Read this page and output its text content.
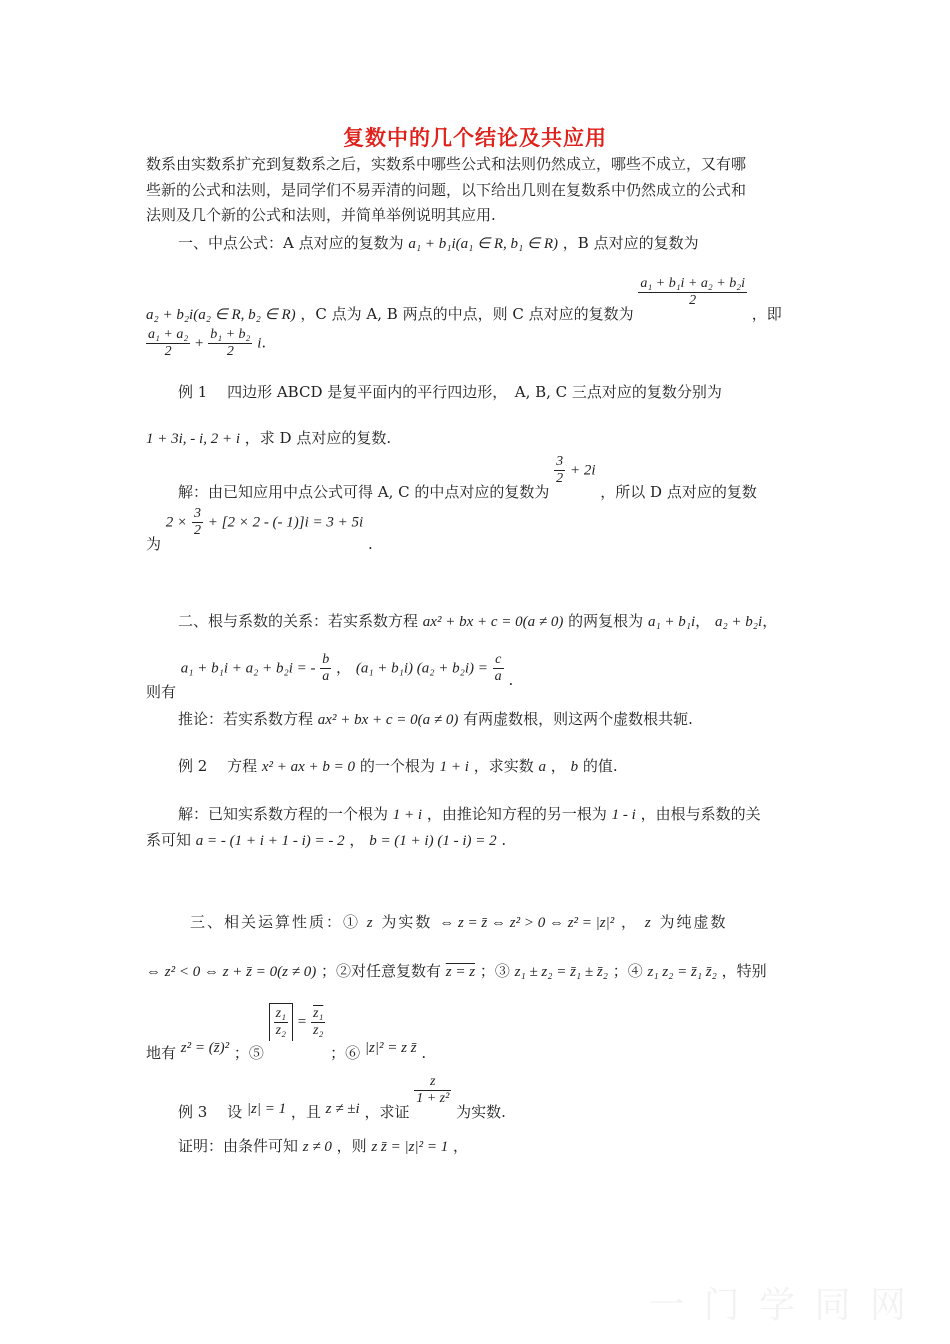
复数中的几个结论及共应用
数系由实数系扩充到复数系之后，实数系中哪些公式和法则仍然成立，哪些不成立，又有哪
些新的公式和法则，是同学们不易弄清的问题，以下给出几则在复数系中仍然成立的公式和
法则及几个新的公式和法则，并简单举例说明其应用.
一、中点公式：A 点对应的复数为 a₁ + b₁i(a₁ ∈ R, b₁ ∈ R) ，B 点对应的复数为
a₂ + b₂i(a₂ ∈ R, b₂ ∈ R) ，C 点为 A, B 两点的中点，则 C 点对应的复数为
$\frac{\text{a₁ + b₁i + a₂ + b₂i}}{2}$
，即
$\frac{\text{a₁ + a₂}}{2} + \frac{\text{b₁ + b₂}}{2} i$.
例 1　 四边形 ABCD 是复平面内的平行四边形，　A, B, C 三点对应的复数分别为
1 + 3i, - i, 2 + i ，求 D 点对应的复数.
解：由已知应用中点公式可得 A, C 的中点对应的复数为
$\frac{3}{2} + 2i$ ，所以 D 点对应的复数
为 $2 \times \frac{3}{2} + [2 \times 2$ - (- 1)]i = 3 + 5i .
二、根与系数的关系：若实系数方程 ax² + bx + c = 0(a ≠ 0) 的两复根为 a₁ + b₁i， a₂ + b₂i，
则有 a₁ + b₁i + a₂ + b₂i = - $\frac{b}{a}$ ， (a₁ + b₁i) $(a_2 + b_2i) = \frac{c}{a}$ .
推论：若实系数方程 ax² + bx + c = 0(a ≠ 0) 有两虚数根，则这两个虚数根共轭.
例 2　 方程 x² + ax + b = 0 的一个根为 1 + i ，求实数 a ， b 的值.
解：已知实系数方程的一个根为 1 + i ，由推论知方程的另一根为 1 - i ，由根与系数的关
系可知 a = - (1 + i + 1 - i) = - 2 ， b = (1 + i) (1 - i) = 2 .
三、相关运算性质：① z 为实数 ⇔ z = z̄ ⇔ z² > 0 ⇔ z² = |z|² ， z 为纯虚数
⇔ z² < 0 ⇔ z + z̄ = 0(z ≠ 0) ；②对任意复数有 z = z ；③ z₁ ± z₂ = z̄₁ ± z̄₂ ；④ z₁ z₂ = z̄₁ z̄₂ ，特别
地有 z² = (z̄)² ；⑤
$\frac{\text{z₁}}{\text{z₂}} = \frac{\text{z₁}}{\text{z₂}}$
；⑥ |z|² = z z̄ .
例 3　 设 |z| = 1 ，且 z ≠ ±i ，求证
$\frac{z}{\text{1 + z²}}$
为实数.
证明：由条件可知 z ≠ 0 ，则 z z̄ = |z|² = 1 ，
一 门 学 同 网
